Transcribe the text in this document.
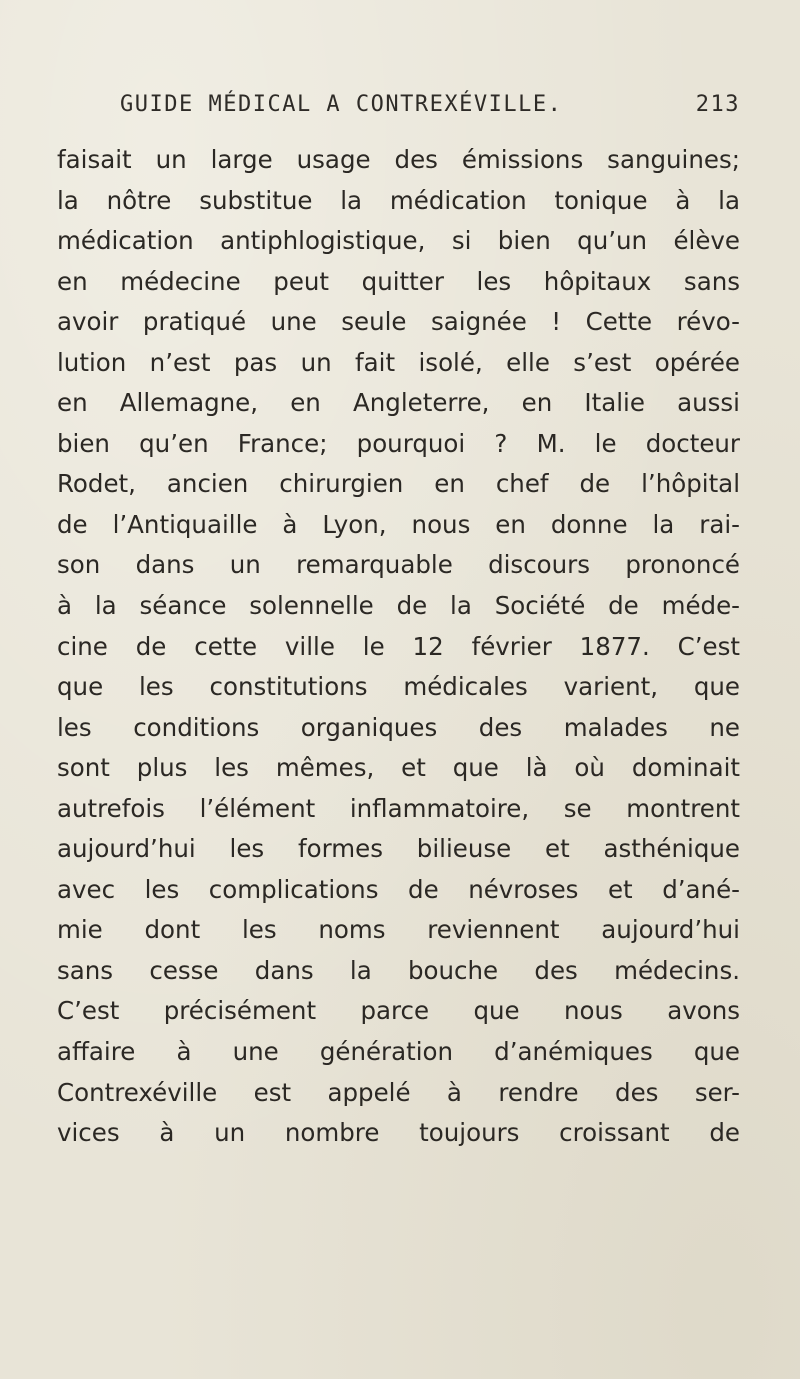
GUIDE MÉDICAL A CONTREXÉVILLE.	213
faisait un large usage des émissions sanguines;
la nôtre substitue la médication tonique à la
médication antiphlogistique, si bien qu’un élève
en médecine peut quitter les hôpitaux sans
avoir pratiqué une seule saignée ! Cette révo-
lution n’est pas un fait isolé, elle s’est opérée
en Allemagne, en Angleterre, en Italie aussi
bien qu’en France; pourquoi ? M. le docteur
Rodet, ancien chirurgien en chef de l’hôpital
de l’Antiquaille à Lyon, nous en donne la rai-
son dans un remarquable discours prononcé
à la séance solennelle de la Société de méde-
cine de cette ville le 12 février 1877. C’est
que les constitutions médicales varient, que
les conditions organiques des malades ne
sont plus les mêmes, et que là où dominait
autrefois l’élément inflammatoire, se montrent
aujourd’hui les formes bilieuse et asthénique
avec les complications de névroses et d’ané-
mie dont les noms reviennent aujourd’hui
sans cesse dans la bouche des médecins.
C’est précisément parce que nous avons
affaire à une génération d’anémiques que
Contrexéville est appelé à rendre des ser-
vices à un nombre toujours croissant de
